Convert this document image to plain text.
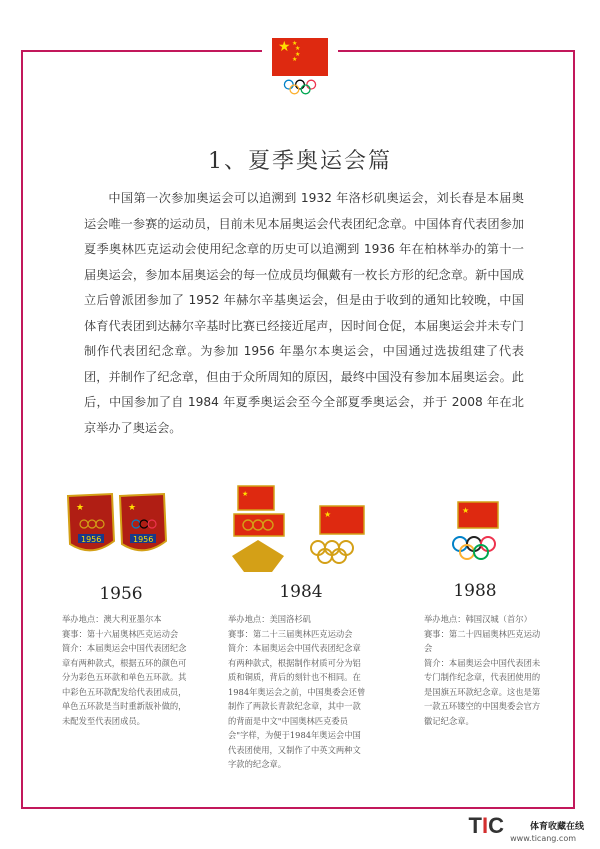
★ ★
★
★
★
1、夏季奥运会篇
中国第一次参加奥运会可以追溯到 1932 年洛杉矶奥运会，刘长春是本届奥运会唯一参赛的运动员，目前未见本届奥运会代表团纪念章。中国体育代表团参加夏季奥林匹克运动会使用纪念章的历史可以追溯到 1936 年在柏林举办的第十一届奥运会，参加本届奥运会的每一位成员均佩戴有一枚长方形的纪念章。新中国成立后曾派团参加了 1952 年赫尔辛基奥运会，但是由于收到的通知比较晚，中国体育代表团到达赫尔辛基时比赛已经接近尾声，因时间仓促，本届奥运会并未专门制作代表团纪念章。为参加 1956 年墨尔本奥运会，中国通过选拔组建了代表团，并制作了纪念章，但由于众所周知的原因，最终中国没有参加本届奥运会。此后，中国参加了自 1984 年夏季奥运会至今全部夏季奥运会，并于 2008 年在北京举办了奥运会。
★
1956
★
1956
★
★	★
1956	1984	1988

举办地点：澳大利亚墨尔本

赛事：第十六届奥林匹克运动会

简介：本届奥运会中国代表团纪念章有两种款式，根据五环的颜色可分为彩色五环款和单色五环款。其中彩色五环款配发给代表团成员，单色五环款是当时重新版补做的，未配发至代表团成员。

举办地点：美国洛杉矶

赛事：第二十三届奥林匹克运动会

简介：本届奥运会中国代表团纪念章有两种款式，根据制作材质可分为铝质和铜质，背后的刻针也不相同。在1984年奥运会之前，中国奥委会还曾制作了两款长青款纪念章，其中一款的背面是中文"中国奥林匹克委员会"字样，为便于1984年奥运会中国代表团使用，又制作了中英文两种文字款的纪念章。

举办地点：韩国汉城（首尔）

赛事：第二十四届奥林匹克运动会

简介：本届奥运会中国代表团未专门制作纪念章，代表团使用的是国旗五环款纪念章。这也是第一款五环镂空的中国奥委会官方徽记纪念章。

TIC	体育收藏在线
www.ticang.com
